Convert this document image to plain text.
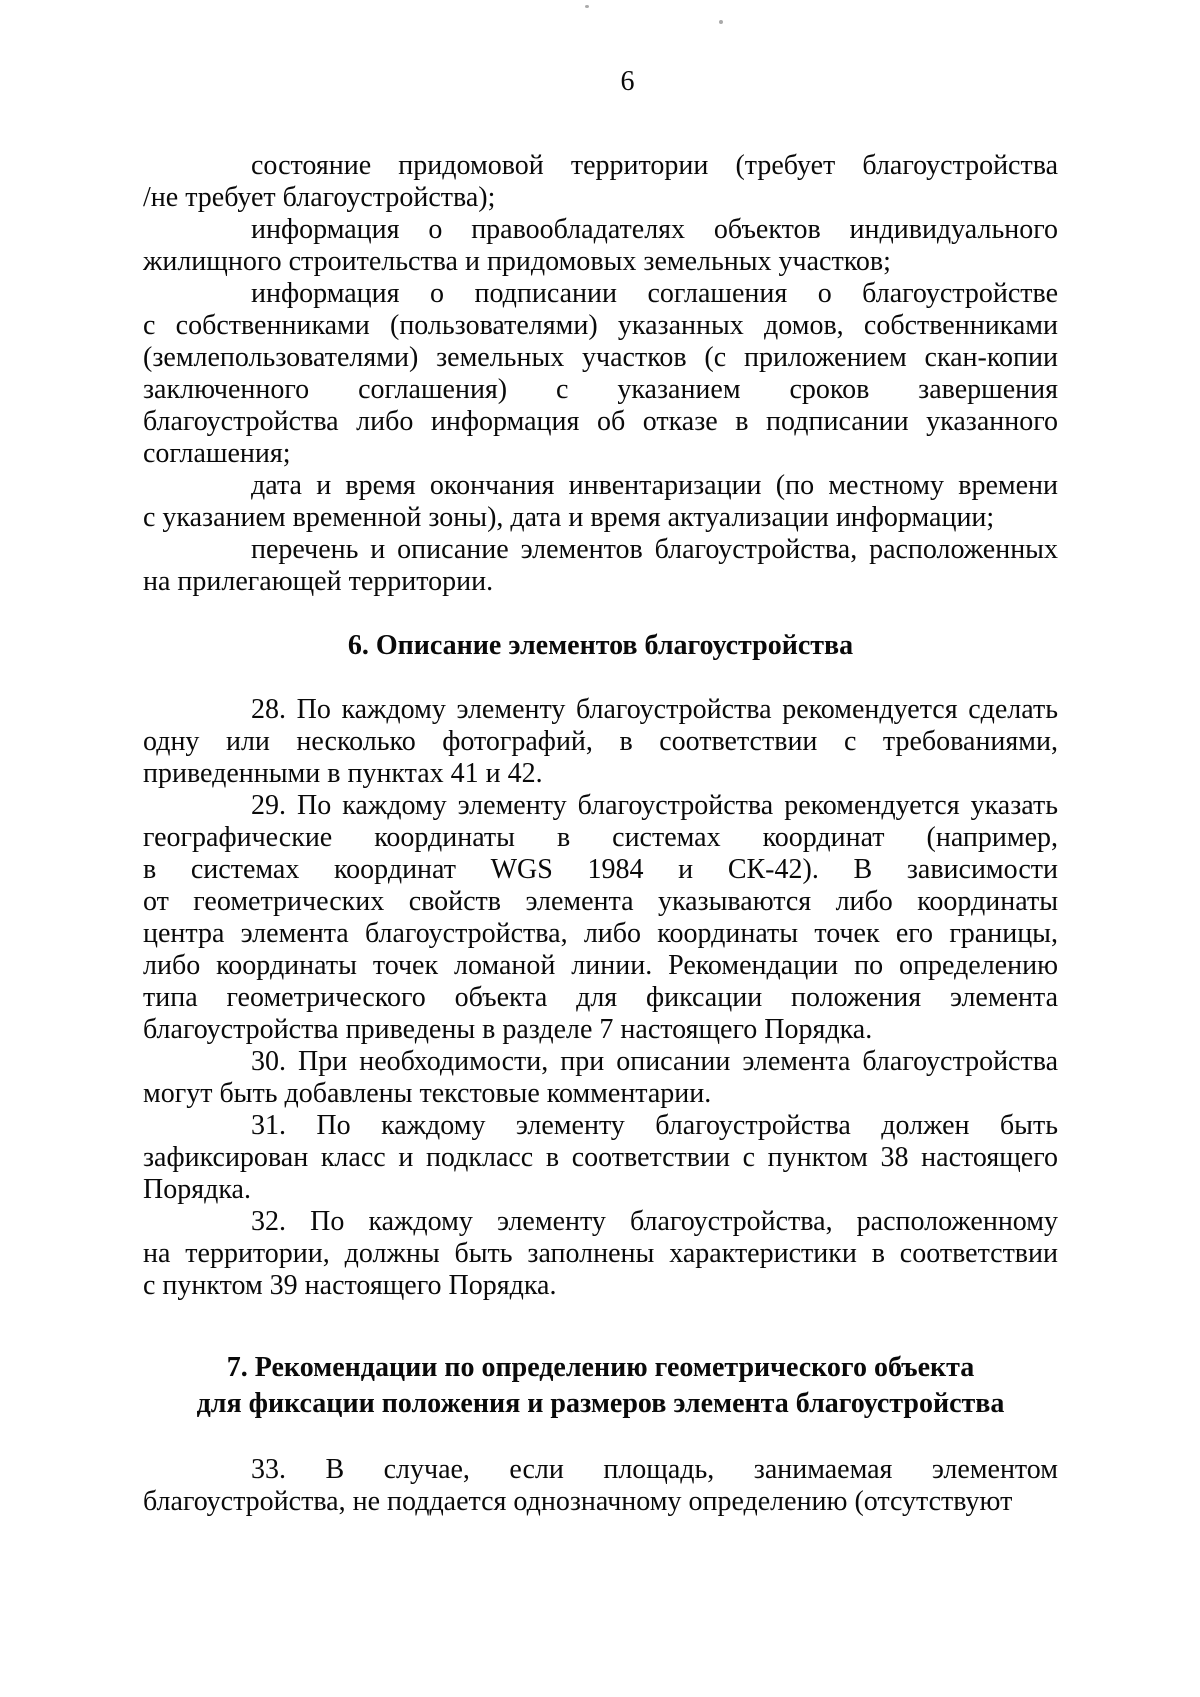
6
состояние придомовой территории (требует благоустройства
/не требует благоустройства);
информация о правообладателях объектов индивидуального
жилищного строительства и придомовых земельных участков;
информация о подписании соглашения о благоустройстве
с собственниками (пользователями) указанных домов, собственниками
(землепользователями) земельных участков (с приложением скан-копии
заключенного соглашения) с указанием сроков завершения
благоустройства либо информация об отказе в подписании указанного
соглашения;
дата и время окончания инвентаризации (по местному времени
с указанием временной зоны), дата и время актуализации информации;
перечень и описание элементов благоустройства, расположенных
на прилегающей территории.
6. Описание элементов благоустройства
28. По каждому элементу благоустройства рекомендуется сделать
одну или несколько фотографий, в соответствии с требованиями,
приведенными в пунктах 41 и 42.
29. По каждому элементу благоустройства рекомендуется указать
географические координаты в системах координат (например,
в системах координат WGS 1984 и СК-42). В зависимости
от геометрических свойств элемента указываются либо координаты
центра элемента благоустройства, либо координаты точек его границы,
либо координаты точек ломаной линии. Рекомендации по определению
типа геометрического объекта для фиксации положения элемента
благоустройства приведены в разделе 7 настоящего Порядка.
30. При необходимости, при описании элемента благоустройства
могут быть добавлены текстовые комментарии.
31. По каждому элементу благоустройства должен быть
зафиксирован класс и подкласс в соответствии с пунктом 38 настоящего
Порядка.
32. По каждому элементу благоустройства, расположенному
на территории, должны быть заполнены характеристики в соответствии
с пунктом 39 настоящего Порядка.
7. Рекомендации по определению геометрического объекта
для фиксации положения и размеров элемента благоустройства
33. В случае, если площадь, занимаемая элементом
благоустройства, не поддается однозначному определению (отсутствуют
